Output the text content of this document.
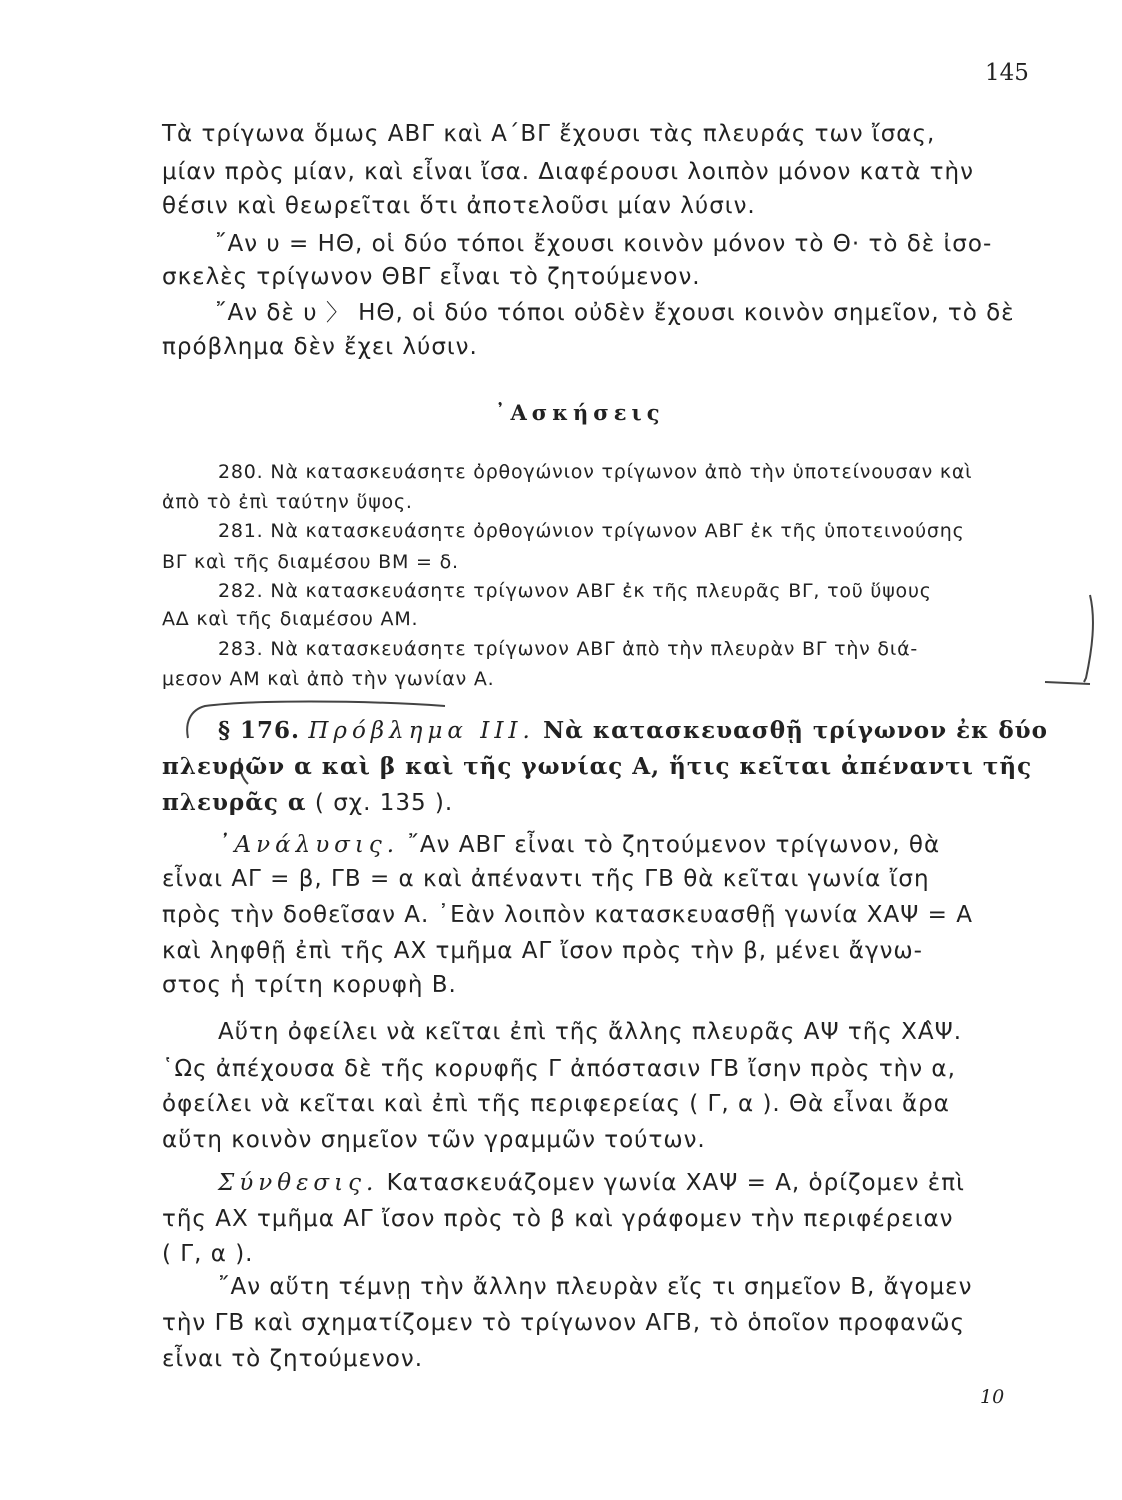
145
Τὰ τρίγωνα ὅμως ΑΒΓ καὶ Α΄ΒΓ ἔχουσι τὰς πλευράς των ἴσας,
μίαν πρὸς μίαν, καὶ εἶναι ἴσα. Διαφέρουσι λοιπὸν μόνον κατὰ τὴν
θέσιν καὶ θεωρεῖται ὅτι ἀποτελοῦσι μίαν λύσιν.
῎Αν υ = ΗΘ, οἱ δύο τόποι ἔχουσι κοινὸν μόνον τὸ Θ· τὸ δὲ ἰσο-
σκελὲς τρίγωνον ΘΒΓ εἶναι τὸ ζητούμενον.
῎Αν δὲ υ 〉 ΗΘ, οἱ δύο τόποι οὐδὲν ἔχουσι κοινὸν σημεῖον, τὸ δὲ
πρόβλημα δὲν ἔχει λύσιν.
᾿Ασκήσεις
280. Νὰ κατασκευάσητε ὀρθογώνιον τρίγωνον ἀπὸ τὴν ὑποτείνουσαν καὶ
ἀπὸ τὸ ἐπὶ ταύτην ὕψος.
281. Νὰ κατασκευάσητε ὀρθογώνιον τρίγωνον ΑΒΓ ἐκ τῆς ὑποτεινούσης
ΒΓ καὶ τῆς διαμέσου ΒΜ = δ.
282. Νὰ κατασκευάσητε τρίγωνον ΑΒΓ ἐκ τῆς πλευρᾶς ΒΓ, τοῦ ὕψους
ΑΔ καὶ τῆς διαμέσου ΑΜ.
283. Νὰ κατασκευάσητε τρίγωνον ΑΒΓ ἀπὸ τὴν πλευρὰν ΒΓ τὴν διά-
μεσον ΑΜ καὶ ἀπὸ τὴν γωνίαν Α.
§ 176. Πρόβλημα ΙΙΙ. Νὰ κατασκευασθῇ τρίγωνον ἐκ δύο
πλευρῶν α καὶ β καὶ τῆς γωνίας Α, ἥτις κεῖται ἀπέναντι τῆς
πλευρᾶς α ( σχ. 135 ).
᾿Ανάλυσις. ῎Αν ΑΒΓ εἶναι τὸ ζητούμενον τρίγωνον, θὰ
εἶναι ΑΓ = β, ΓΒ = α καὶ ἀπέναντι τῆς ΓΒ θὰ κεῖται γωνία ἴση
πρὸς τὴν δοθεῖσαν Α. ᾿Εὰν λοιπὸν κατασκευασθῇ γωνία ΧΑΨ = Α
καὶ ληφθῇ ἐπὶ τῆς ΑΧ τμῆμα ΑΓ ἴσον πρὸς τὴν β, μένει ἄγνω-
στος ἡ τρίτη κορυφὴ Β.
Αὕτη ὀφείλει νὰ κεῖται ἐπὶ τῆς ἄλλης πλευρᾶς ΑΨ τῆς ΧΑ̂Ψ.
῾Ως ἀπέχουσα δὲ τῆς κορυφῆς Γ ἀπόστασιν ΓΒ ἴσην πρὸς τὴν α,
ὀφείλει νὰ κεῖται καὶ ἐπὶ τῆς περιφερείας ( Γ, α ). Θὰ εἶναι ἄρα
αὕτη κοινὸν σημεῖον τῶν γραμμῶν τούτων.
Σύνθεσις. Κατασκευάζομεν γωνία ΧΑΨ = Α, ὁρίζομεν ἐπὶ
τῆς ΑΧ τμῆμα ΑΓ ἴσον πρὸς τὸ β καὶ γράφομεν τὴν περιφέρειαν
( Γ, α ).
῎Αν αὕτη τέμνῃ τὴν ἄλλην πλευρὰν εἴς τι σημεῖον Β, ἄγομεν
τὴν ΓΒ καὶ σχηματίζομεν τὸ τρίγωνον ΑΓΒ, τὸ ὁποῖον προφανῶς
εἶναι τὸ ζητούμενον.
10
